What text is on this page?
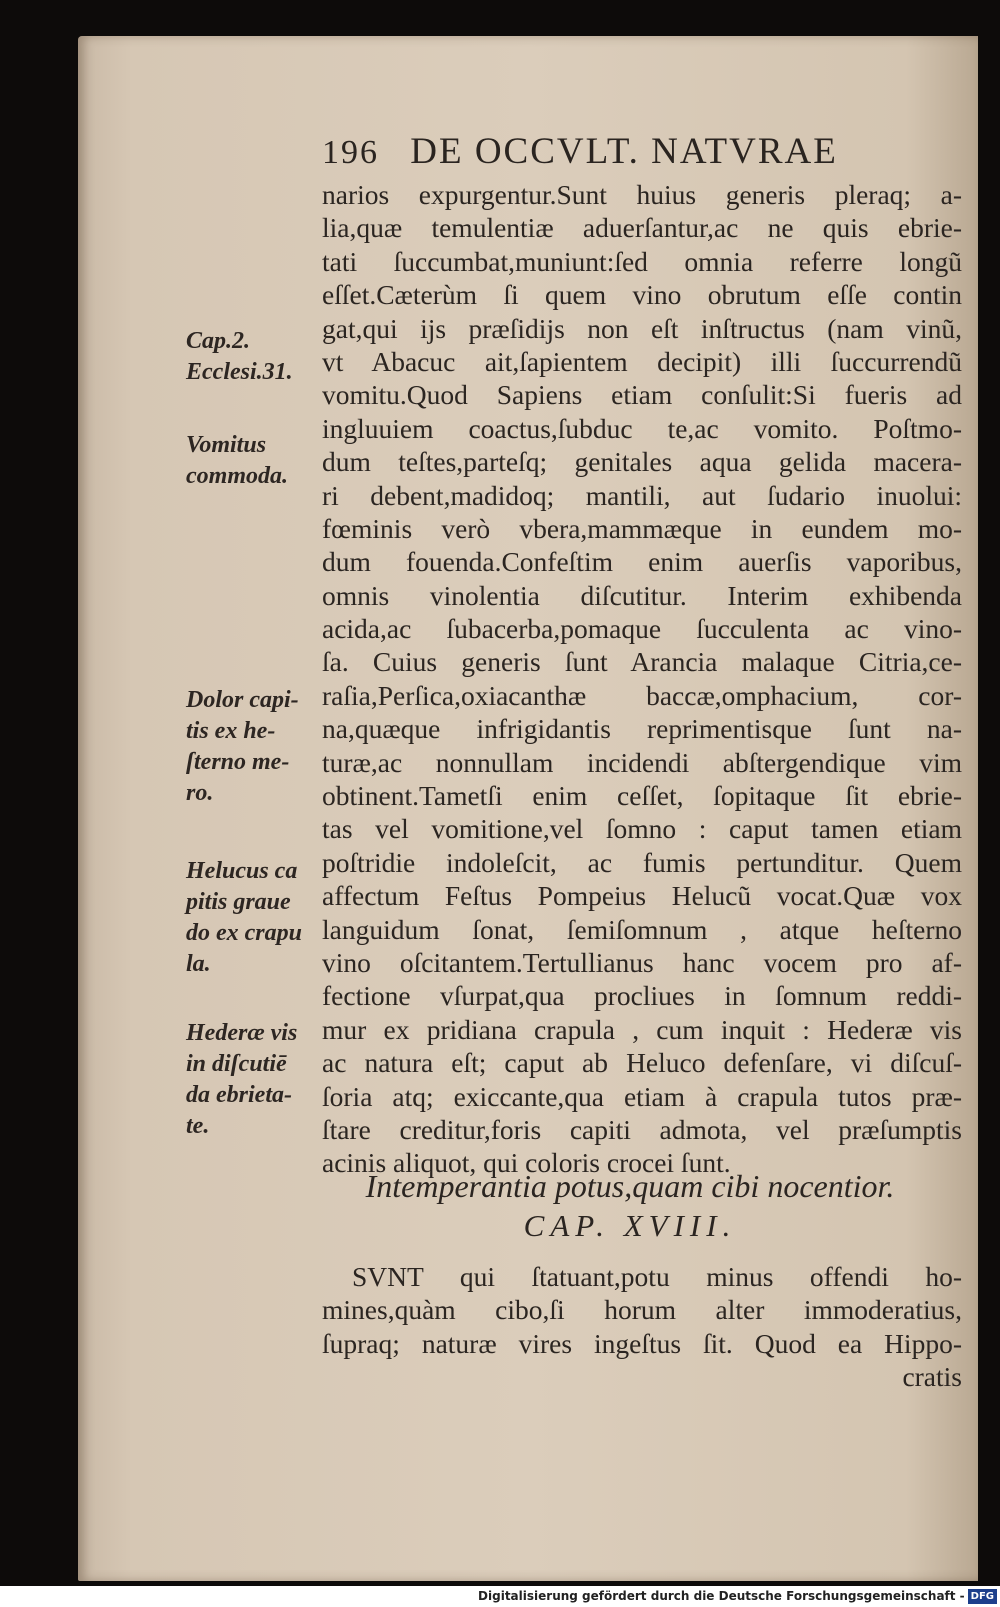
196 DE OCCVLT. NATVRAE
narios expurgentur.Sunt huius generis pleraq; a-
lia,quæ temulentiæ aduerſantur,ac ne quis ebrie-
tati ſuccumbat,muniunt:ſed omnia referre longũ
eſſet.Cæterùm ſi quem vino obrutum eſſe contin
gat,qui ijs præſidijs non eſt inſtructus (nam vinũ,
vt Abacuc ait,ſapientem decipit) illi ſuccurrendũ
vomitu.Quod Sapiens etiam conſulit:Si fueris ad
ingluuiem coactus,ſubduc te,ac vomito. Poſtmo-
dum teſtes,parteſq; genitales aqua gelida macera-
ri debent,madidoq; mantili, aut ſudario inuolui:
fœminis verò vbera,mammæque in eundem mo-
dum fouenda.Confeſtim enim auerſis vaporibus,
omnis vinolentia diſcutitur. Interim exhibenda
acida,ac ſubacerba,pomaque ſucculenta ac vino-
ſa. Cuius generis ſunt Arancia malaque Citria,ce-
raſia,Perſica,oxiacanthæ baccæ,omphacium, cor-
na,quæque infrigidantis reprimentisque ſunt na-
turæ,ac nonnullam incidendi abſtergendique vim
obtinent.Tametſi enim ceſſet, ſopitaque ſit ebrie-
tas vel vomitione,vel ſomno : caput tamen etiam
poſtridie indoleſcit, ac fumis pertunditur. Quem
affectum Feſtus Pompeius Helucũ vocat.Quæ vox
languidum ſonat, ſemiſomnum , atque heſterno
vino oſcitantem.Tertullianus hanc vocem pro af-
fectione vſurpat,qua procliues in ſomnum reddi-
mur ex pridiana crapula , cum inquit : Hederæ vis
ac natura eſt; caput ab Heluco defenſare, vi diſcuſ-
ſoria atq; exiccante,qua etiam à crapula tutos præ-
ſtare creditur,foris capiti admota, vel præſumptis
acinis aliquot, qui coloris crocei ſunt.
Cap.2.
Ecclesi.31.
Vomitus
commoda.
Dolor capi-
tis ex he-
ſterno me-
ro.
Helucus ca
pitis graue
do ex crapu
la.
Hederæ vis
in diſcutiē
da ebrieta-
te.
Intemperantia potus,quam cibi nocentior.
CAP. XVIII.
SVNT qui ſtatuant,potu minus offendi ho-
mines,quàm cibo,ſi horum alter immoderatius,
ſupraq; naturæ vires ingeſtus ſit. Quod ea Hippo-
cratis
Digitalisierung gefördert durch die Deutsche Forschungsgemeinschaft - DFG
